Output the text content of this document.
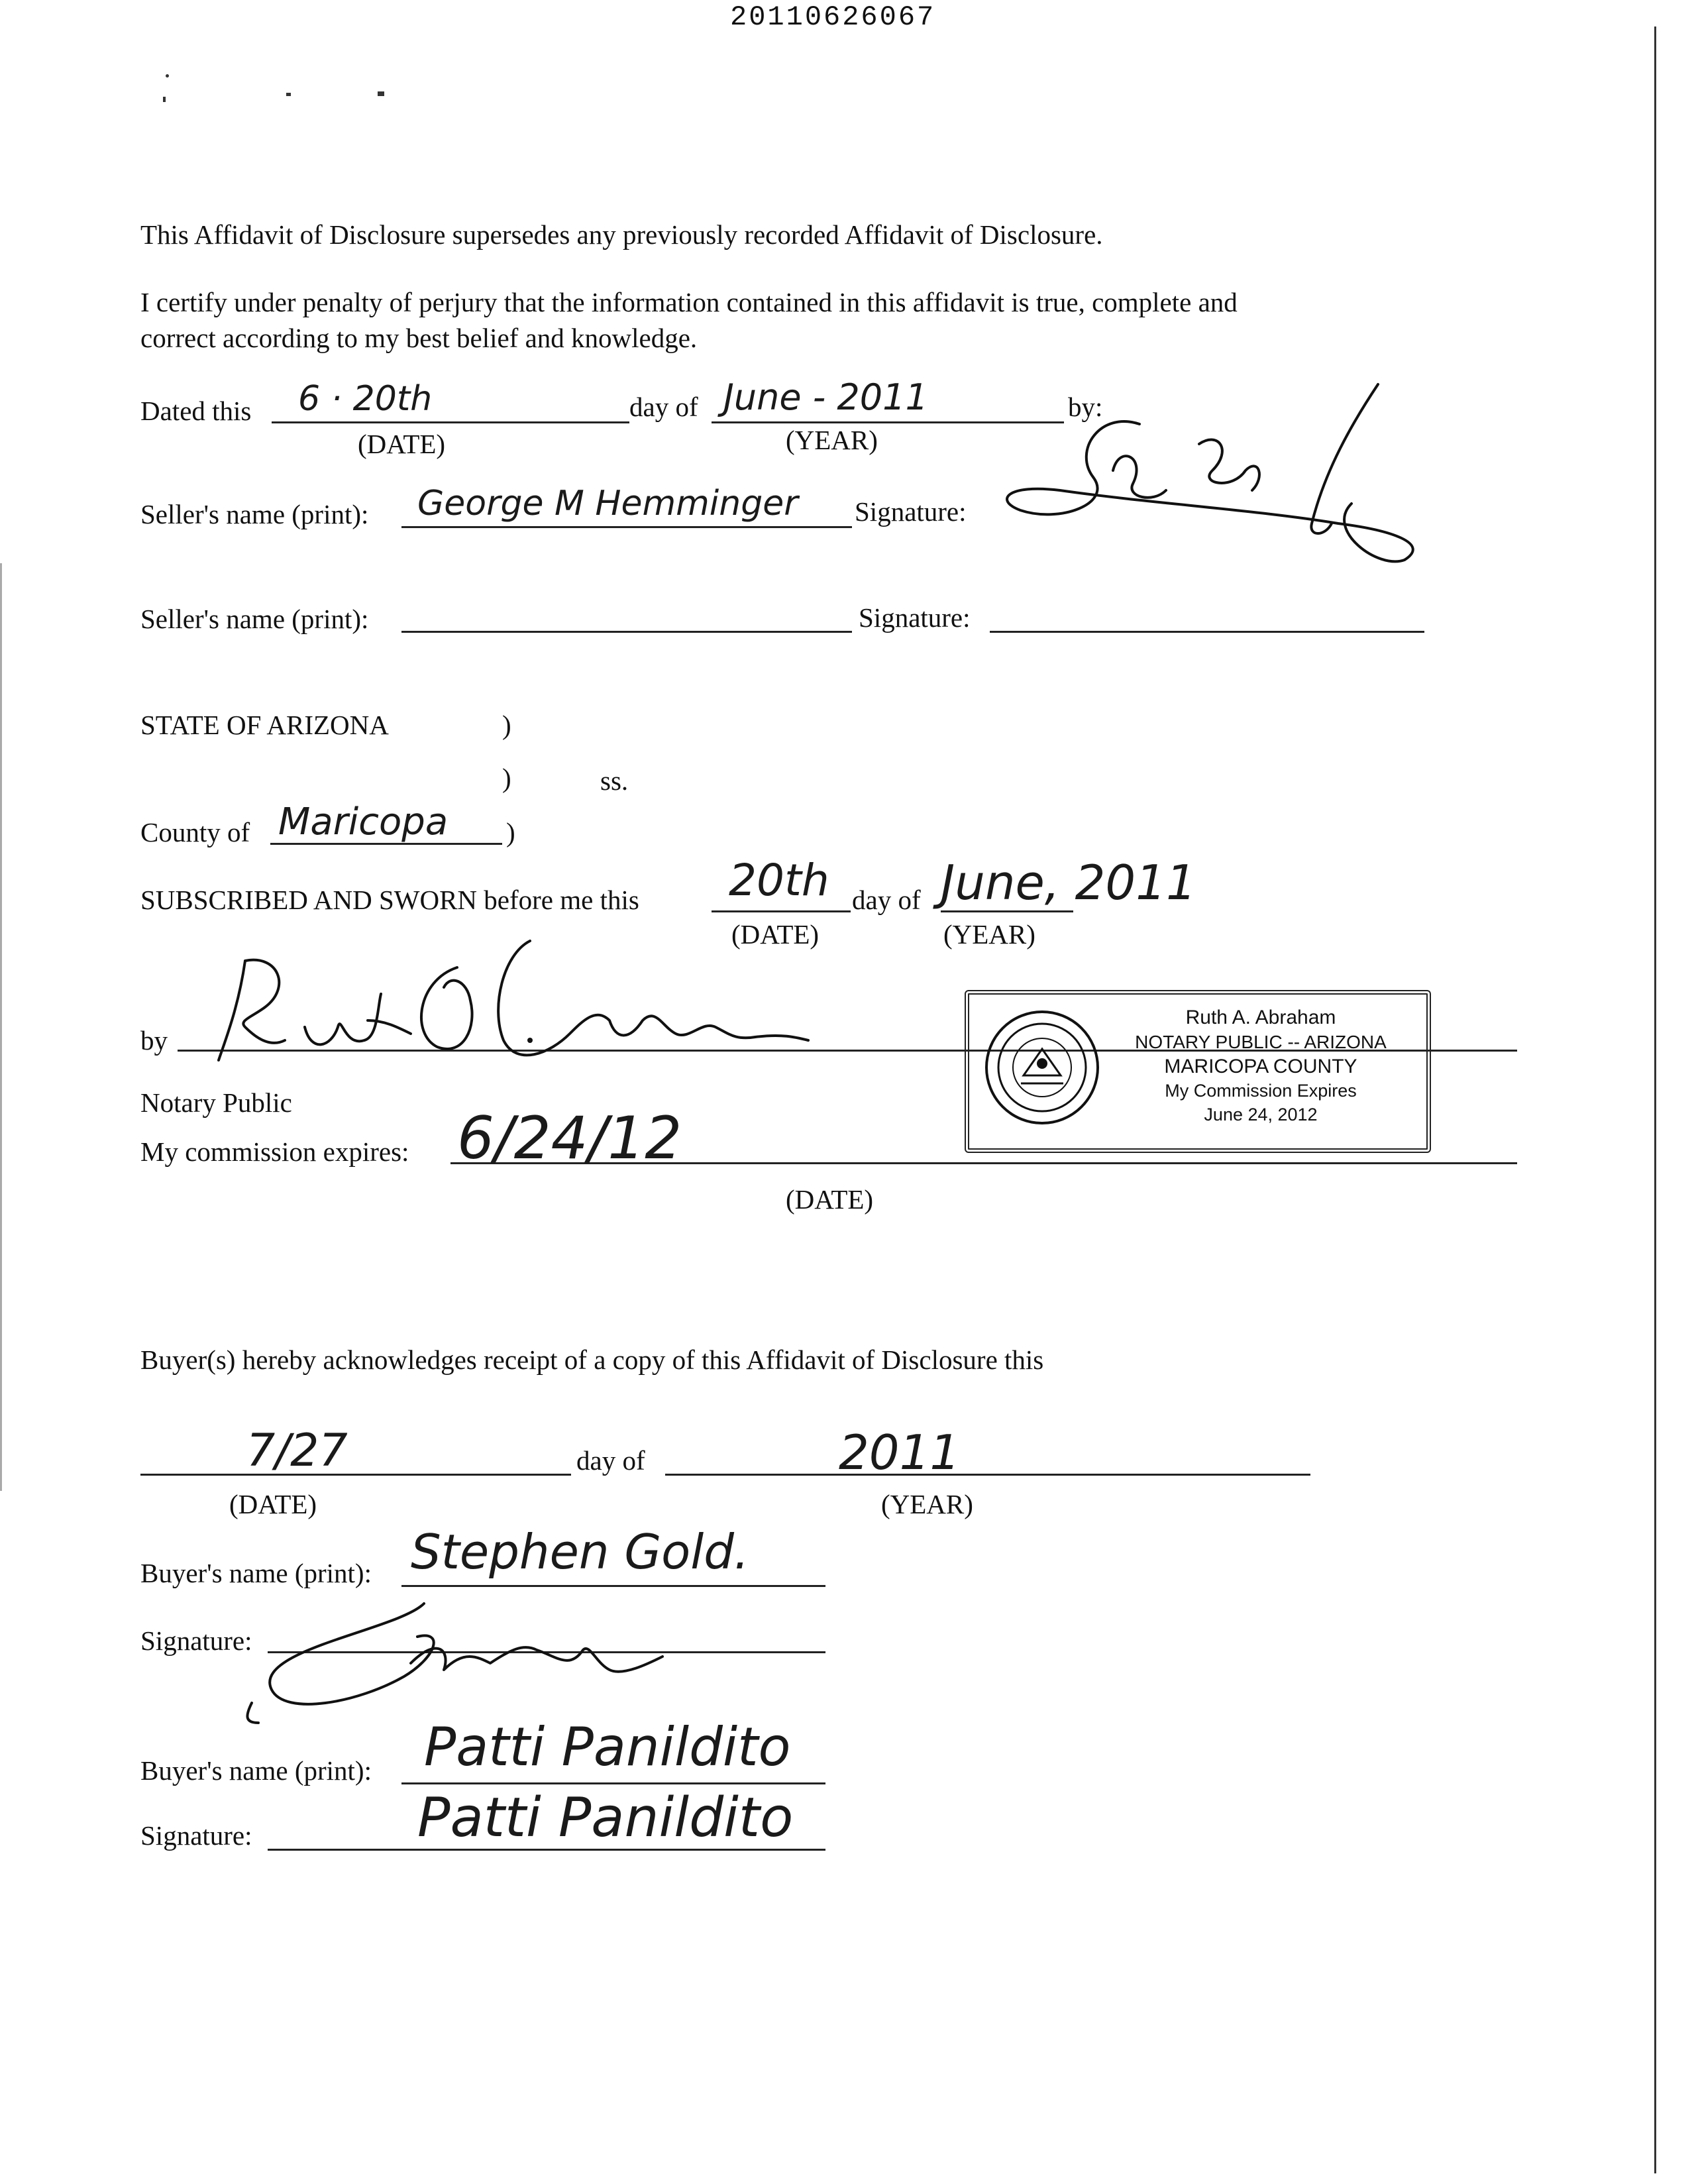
20110626067
This Affidavit of Disclosure supersedes any previously recorded Affidavit of Disclosure.
I certify under penalty of perjury that the information contained in this affidavit is true, complete and
correct according to my best belief and knowledge.
Dated this 6 · 20th	day of June - 2011	by:
(DATE)	(YEAR)
Seller's name (print): George M Hemminger Signature:
Seller's name (print):	Signature:
STATE OF ARIZONA	)
)	ss.
County of Maricopa )
SUBSCRIBED AND SWORN before me this 20th day of June, 2011
(DATE)	(YEAR)
by
Notary Public
My commission expires: 6/24/12
(DATE)
Ruth A. Abraham
NOTARY PUBLIC -- ARIZONA
MARICOPA COUNTY
My Commission Expires
June 24, 2012
Buyer(s) hereby acknowledges receipt of a copy of this Affidavit of Disclosure this
7/27	day of	2011
(DATE)	(YEAR)
Buyer's name (print): Stephen Gold.
Signature:
Buyer's name (print): Patti Panildito
Signature:	Patti Panildito
